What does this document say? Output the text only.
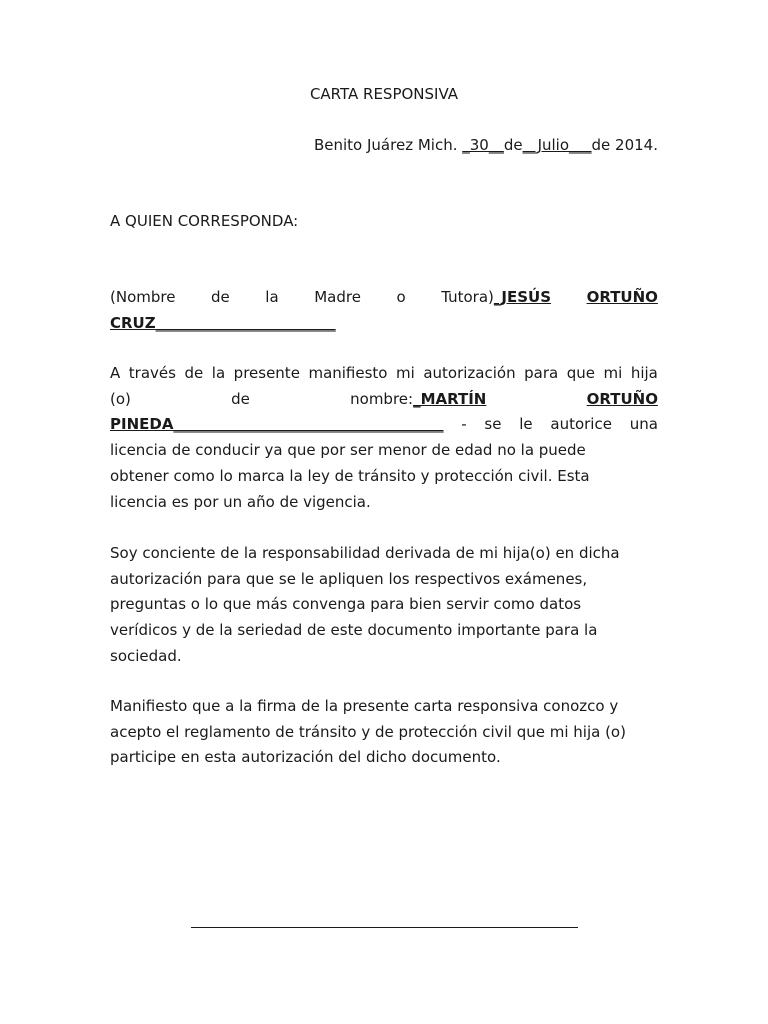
CARTA RESPONSIVA
Benito Juárez Mich. _30__de__Julio___de 2014.
A QUIEN CORRESPONDA:
(Nombre de la Madre o Tutora)_JESÚS ORTUÑO
CRUZ________________________
A través de la presente manifiesto mi autorización para que mi hija
(o)	de	nombre:_MARTÍN	ORTUÑO
PINEDA____________________________________ - se le autorice una
licencia de conducir ya que por ser menor de edad no la puede
obtener como lo marca la ley de tránsito y protección civil. Esta
licencia es por un año de vigencia.
Soy conciente de la responsabilidad derivada de mi hija(o) en dicha
autorización para que se le apliquen los respectivos exámenes,
preguntas o lo que más convenga para bien servir como datos
verídicos y de la seriedad de este documento importante para la
sociedad.
Manifiesto que a la firma de la presente carta responsiva conozco y
acepto el reglamento de tránsito y de protección civil que mi hija (o)
participe en esta autorización del dicho documento.
